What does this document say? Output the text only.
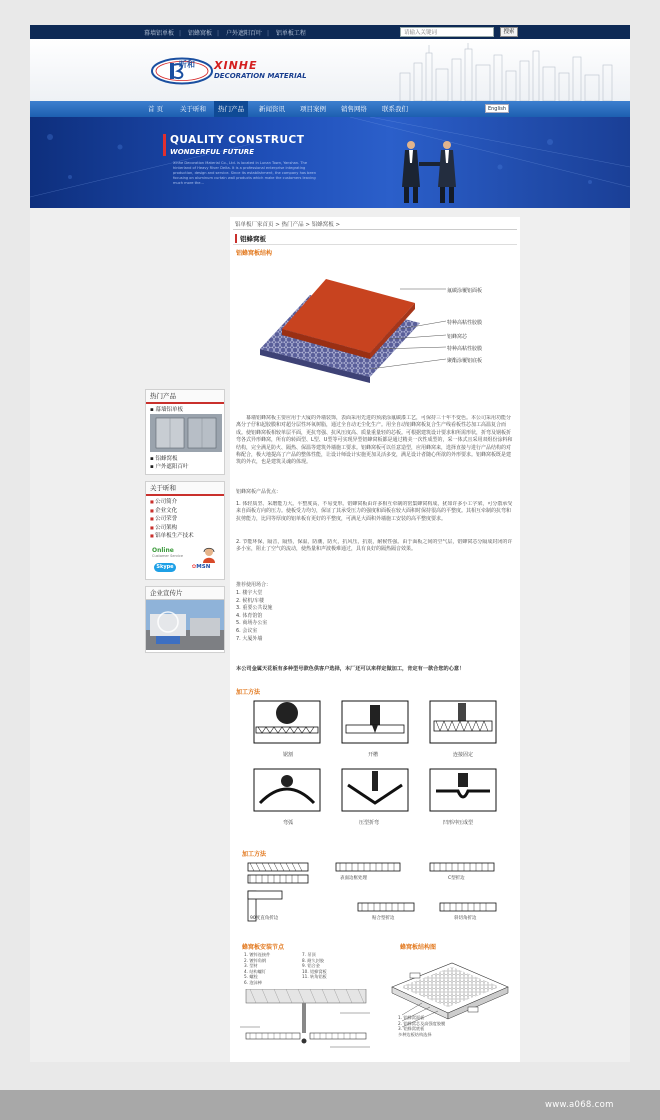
幕墙铝单板 | 铝蜂窝板 | 户外遮阳百叶 | 铝单板工程	请输入关键词	搜索
昕和 XINHE
DECORATION MATERIAL
首 页	关于昕和	热门产品	新闻资讯 项目案例 销售网络 联系我们	English
QUALITY CONSTRUCT
WONDERFUL FUTURE
Xinhe Decoration Material Co., Ltd. is located in Lunan Town, Yanshan. The hinterland of Heavy River Delta. It is a professional enterprise integrating production, design and service. Since its establishment, the company has been focusing on aluminum curtain wall products which make the customers leaving much more the...
热门产品
▪ 幕墙铝单板
▪ 铝蜂窝板
▪ 户外遮阳百叶
关于昕和
■ 公司简介
■ 企业文化
■ 公司荣誉
■ 公司架构
■ 铝单板生产技术
Online
Customer Service
Skype	✿MSN
企业宣传片
铝单板厂家首页 > 热门产品 > 铝蜂窝板 >
铝蜂窝板
铝蜂窝板结构
氟碳涂覆铝面板
特种高粘性胶膜
铝蜂窝芯
特种高粘性胶膜
聚酯涂覆铝底板
幕墙铝蜂窝板主要应用于大厦的外墙装饰，表面采用先进的预滚涂氟碳漆工艺，可保持三十年不变色。本公司采用功能分离分子仔和起胶膜和对超分层性环氧树脂，通过全自动无尘化生产。用全自动铝蜂窝板复合生产线看板性芯加工高温复合而成。使铝蜂窝板相较单层平面，更抗弯强、抗风压度高、质量重量轻的芯板。可根据建筑设计要求和所需形状，折弯及钢板折弯各式异形蜂窝，所有的转面型、L型、U型等可实现异型铝蜂窝板都是通过精美一次性成型的，采一体式且采用双组份涂料和结构，完全满足防火、隔热、保温等建筑外墙施工要求。铝蜂窝板可以任意造型，应用蜂窝来，选择直接与进行产品结构的对称配合，极大地提高了产品的整体性能，让设计师设计实施更加灵活多变，满足设计者随心所欲的外形要求。铝蜂窝板既是建筑的外衣，也是建筑灵魂的体现。
铝蜂窝板产品优点：
1. 体轻质坚、采磨能力大。平整度高，不易变形。铝蜂窝板由许多相互牵制的密集蜂窝构成，犹如许多小工字梁，可分散承受来自面板方向的压力。使板受力均匀，保证了其承受压力的强度和面板在较大面积时保持很高的平整度。其相互牵制的抗弯和抗剪能力，比同等厚度的铝单板有更好的平整度，可满足大面积外墙施工安装的高平整度要求。
2. 节能环保，隔音，隔热，保温，防潮，防火，抗风压，抗震，耐候性强。由于面板之间的空气层，铝蜂窝芯分隔成封闭的许多小室，阻止了空气的流动，使热量和声波极难通过，具有良好的隔热隔音效果。
推荐使用场合：
1. 楼宇大堂
2. 候机/车楼
3. 重要公共设施
4. 体育馆馆
5. 商场办公室
6. 会议室
7. 大厦外墙
本公司金属天花板有多种型号款色供客户选择，本厂还可以来样定做加工，肯定有一款合您的心意！
加工方法
锯割	开槽	连接固定
弯弧	压型折弯	凹形冲压成型
加工方法
表面边框处理	C型折边
90度直角折边	贴合型折边	斜切角折边
蜂窝板安装节点	蜂窝板结构图
1. 镀锌连接件
2. 镀锌角钢
3. 型材
4. 结构螺钉
5. 螺栓
6. 泡沫棒
7. 吊顶
8. 耐久封胶
9. 铝合金
10. 铝蜂窝板
11. 转角铝板
1. 铝蜂窝面板
2. 铝蜂窝芯及高强度胶膜
3. 铝蜂窝底板
多种边板结构选择
www.a068.com
